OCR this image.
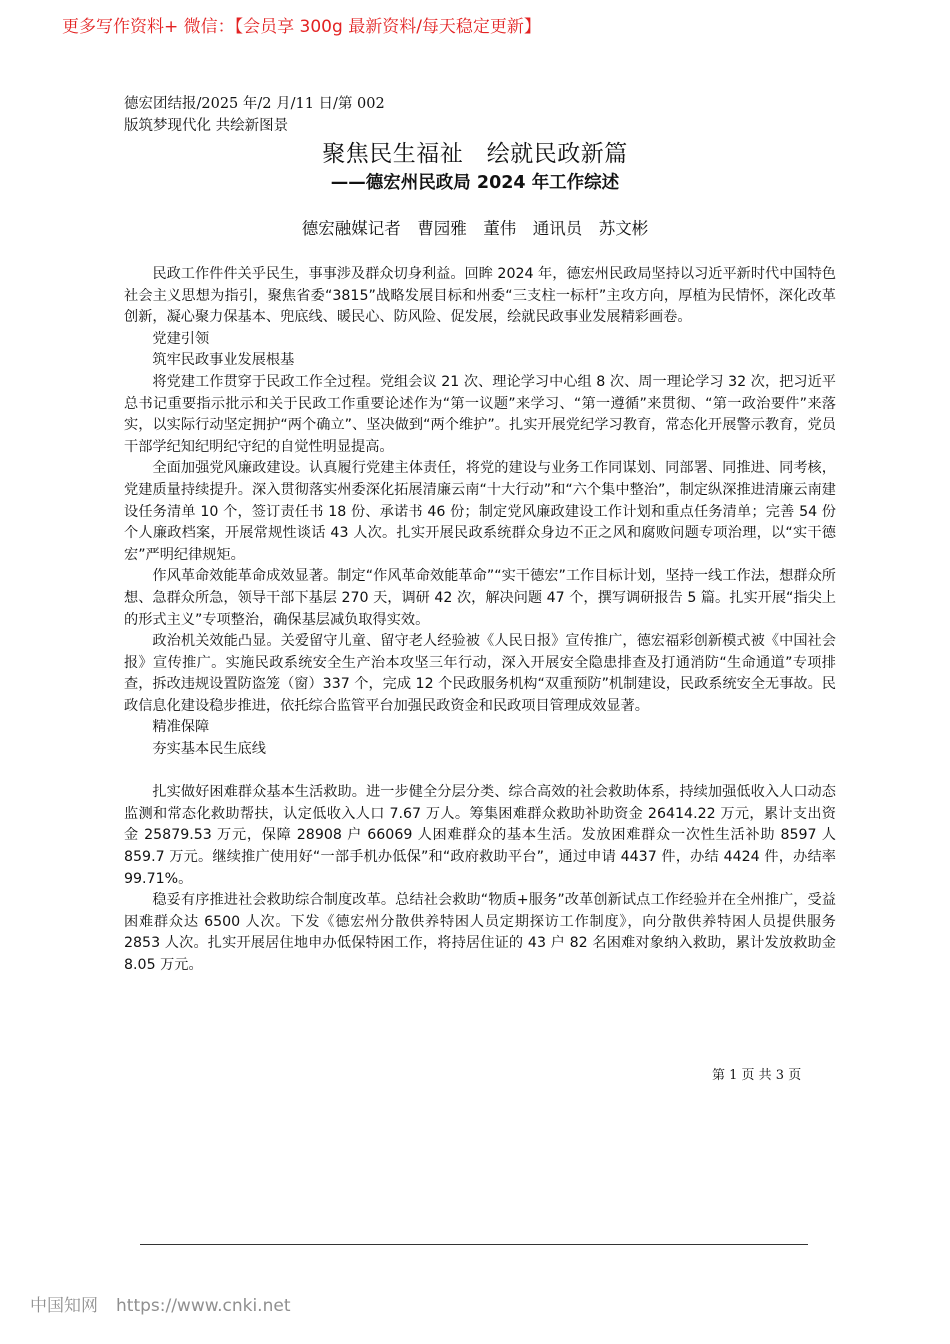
更多写作资料+ 微信：【会员享 300g 最新资料/每天稳定更新】
德宏团结报/2025 年/2 月/11 日/第 002
版筑梦现代化 共绘新图景
聚焦民生福祉　绘就民政新篇
——德宏州民政局 2024 年工作综述
德宏融媒记者　曹园雅　董伟　通讯员　苏文彬

民政工作件件关乎民生，事事涉及群众切身利益。回眸 2024 年，德宏州民政局坚持以习近平新时代中国特色社会主义思想为指引，聚焦省委“3815”战略发展目标和州委“三支柱一标杆”主攻方向，厚植为民情怀，深化改革创新，凝心聚力保基本、兜底线、暖民心、防风险、促发展，绘就民政事业发展精彩画卷。

党建引领

筑牢民政事业发展根基

将党建工作贯穿于民政工作全过程。党组会议 21 次、理论学习中心组 8 次、周一理论学习 32 次，把习近平总书记重要指示批示和关于民政工作重要论述作为“第一议题”来学习、“第一遵循”来贯彻、“第一政治要件”来落实，以实际行动坚定拥护“两个确立”、坚决做到“两个维护”。扎实开展党纪学习教育，常态化开展警示教育，党员干部学纪知纪明纪守纪的自觉性明显提高。

全面加强党风廉政建设。认真履行党建主体责任，将党的建设与业务工作同谋划、同部署、同推进、同考核，党建质量持续提升。深入贯彻落实州委深化拓展清廉云南“十大行动”和“六个集中整治”，制定纵深推进清廉云南建设任务清单 10 个，签订责任书 18 份、承诺书 46 份；制定党风廉政建设工作计划和重点任务清单；完善 54 份个人廉政档案，开展常规性谈话 43 人次。扎实开展民政系统群众身边不正之风和腐败问题专项治理，以“实干德宏”严明纪律规矩。

作风革命效能革命成效显著。制定“作风革命效能革命”“实干德宏”工作目标计划，坚持一线工作法，想群众所想、急群众所急，领导干部下基层 270 天，调研 42 次，解决问题 47 个，撰写调研报告 5 篇。扎实开展“指尖上的形式主义”专项整治，确保基层减负取得实效。

政治机关效能凸显。关爱留守儿童、留守老人经验被《人民日报》宣传推广，德宏福彩创新模式被《中国社会报》宣传推广。实施民政系统安全生产治本攻坚三年行动，深入开展安全隐患排查及打通消防“生命通道”专项排查，拆改违规设置防盗笼（窗）337 个，完成 12 个民政服务机构“双重预防”机制建设，民政系统安全无事故。民政信息化建设稳步推进，依托综合监管平台加强民政资金和民政项目管理成效显著。

精准保障

夯实基本民生底线

扎实做好困难群众基本生活救助。进一步健全分层分类、综合高效的社会救助体系，持续加强低收入人口动态监测和常态化救助帮扶，认定低收入人口 7.67 万人。筹集困难群众救助补助资金 26414.22 万元，累计支出资金 25879.53 万元，保障 28908 户 66069 人困难群众的基本生活。发放困难群众一次性生活补助 8597 人 859.7 万元。继续推广使用好“一部手机办低保”和“政府救助平台”，通过申请 4437 件，办结 4424 件，办结率 99.71%。

稳妥有序推进社会救助综合制度改革。总结社会救助“物质+服务”改革创新试点工作经验并在全州推广，受益困难群众达 6500 人次。下发《德宏州分散供养特困人员定期探访工作制度》，向分散供养特困人员提供服务 2853 人次。扎实开展居住地申办低保特困工作，将持居住证的 43 户 82 名困难对象纳入救助，累计发放救助金 8.05 万元。

第 1 页 共 3 页
中国知网 https://www.cnki.net
